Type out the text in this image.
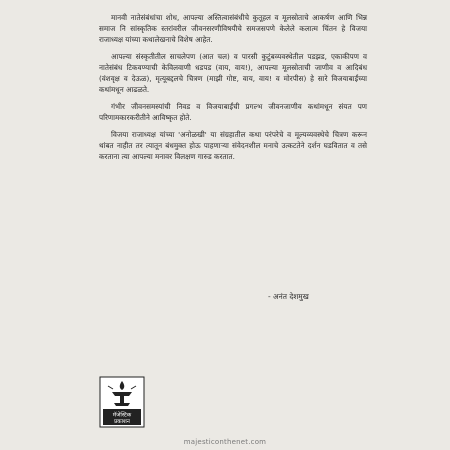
मानवी नातेसंबंधांचा शोध, आपल्या अस्तित्वासंबंधीचे कुतूहल व मूलस्रोताचे आकर्षण आणि भिन्न समाज नि सांस्कृतिक स्तरांवरील जीवनसरणीविषयीचे समजसपणे केलेले कलात्म चिंतन हे विजया राजाध्यक्ष यांच्या कथालेखनाचे विशेष आहेत.

आपल्या संस्कृतीतील साचलेपण (आत चल) व पारसी कुटुंबव्यवस्थेतील पडझड, एकाकीपण व नातेसंबंध टिकवण्याची केविलवाणी धडपड (वाय, वाय!), आपल्या मूलस्रोताची जाणीव व आदिबंध (वंशवृक्ष व देऊळ), मृत्यूबद्दलचे चित्रण (माझी गोष्ट, वाय, वाय! व मोरपीस) हे सारे विजयाबाईंच्या कथांमधून आढळते.

गंभीर जीवनसमस्यांची निवड व विजयाबाईंची प्रगल्भ जीवनजाणीव कथांमधून संयत पण परिणामकारकरीतीने आविष्कृत होते.

विजया राजाध्यक्ष यांच्या 'अनोळखी' या संग्रहातील कथा परंपरेचे व मूल्यव्यवस्थेचे चित्रण करून थांबत नाहीत तर त्यातून बंधमुक्त होऊ पाहणाऱ्या संवेदनशील मनाचे उत्कटतेने दर्शन घडवितात व तसे करताना त्या आपल्या मनावर विलक्षण गारुड करतात.

- अनंत देशमुख
मॅजेस्टिक
प्रकाशन
majesticonthenet.com
